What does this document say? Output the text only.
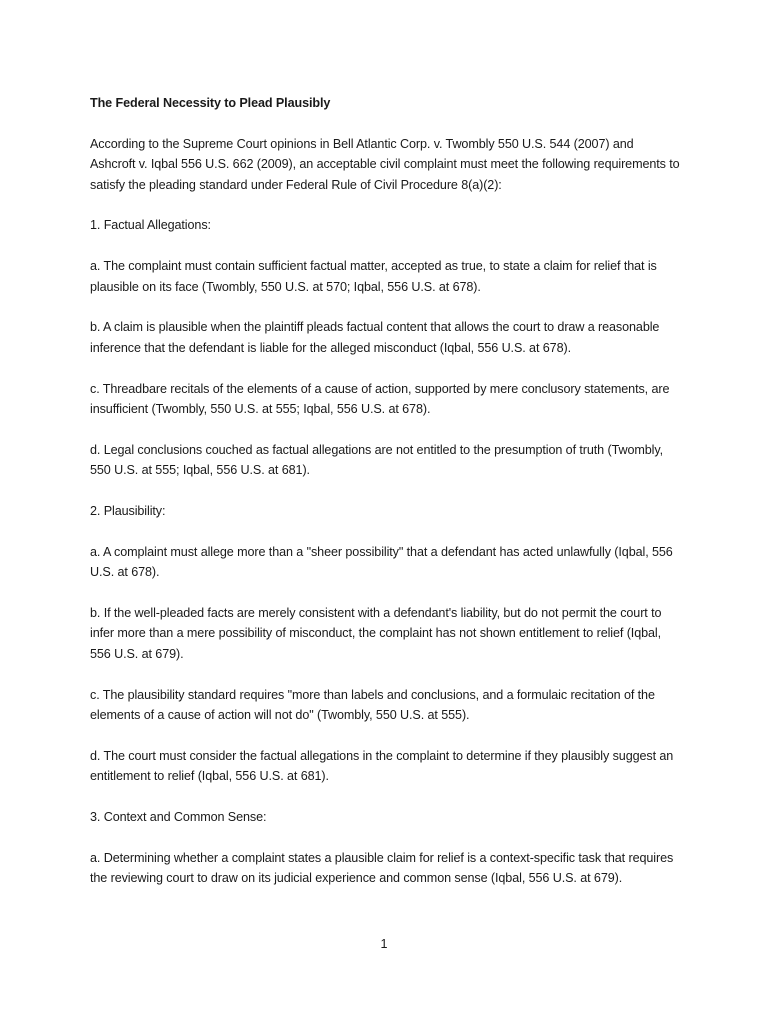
The Federal Necessity to Plead Plausibly

According to the Supreme Court opinions in Bell Atlantic Corp. v. Twombly 550 U.S. 544 (2007) and Ashcroft v. Iqbal 556 U.S. 662 (2009), an acceptable civil complaint must meet the following requirements to satisfy the pleading standard under Federal Rule of Civil Procedure 8(a)(2):

1. Factual Allegations:

a. The complaint must contain sufficient factual matter, accepted as true, to state a claim for relief that is plausible on its face (Twombly, 550 U.S. at 570; Iqbal, 556 U.S. at 678).

b. A claim is plausible when the plaintiff pleads factual content that allows the court to draw a reasonable inference that the defendant is liable for the alleged misconduct (Iqbal, 556 U.S. at 678).

c. Threadbare recitals of the elements of a cause of action, supported by mere conclusory statements, are insufficient (Twombly, 550 U.S. at 555; Iqbal, 556 U.S. at 678).

d. Legal conclusions couched as factual allegations are not entitled to the presumption of truth (Twombly, 550 U.S. at 555; Iqbal, 556 U.S. at 681).

2. Plausibility:

a. A complaint must allege more than a "sheer possibility" that a defendant has acted unlawfully (Iqbal, 556 U.S. at 678).

b. If the well-pleaded facts are merely consistent with a defendant's liability, but do not permit the court to infer more than a mere possibility of misconduct, the complaint has not shown entitlement to relief (Iqbal, 556 U.S. at 679).

c. The plausibility standard requires "more than labels and conclusions, and a formulaic recitation of the elements of a cause of action will not do" (Twombly, 550 U.S. at 555).

d. The court must consider the factual allegations in the complaint to determine if they plausibly suggest an entitlement to relief (Iqbal, 556 U.S. at 681).

3. Context and Common Sense:

a. Determining whether a complaint states a plausible claim for relief is a context-specific task that requires the reviewing court to draw on its judicial experience and common sense (Iqbal, 556 U.S. at 679).

1
